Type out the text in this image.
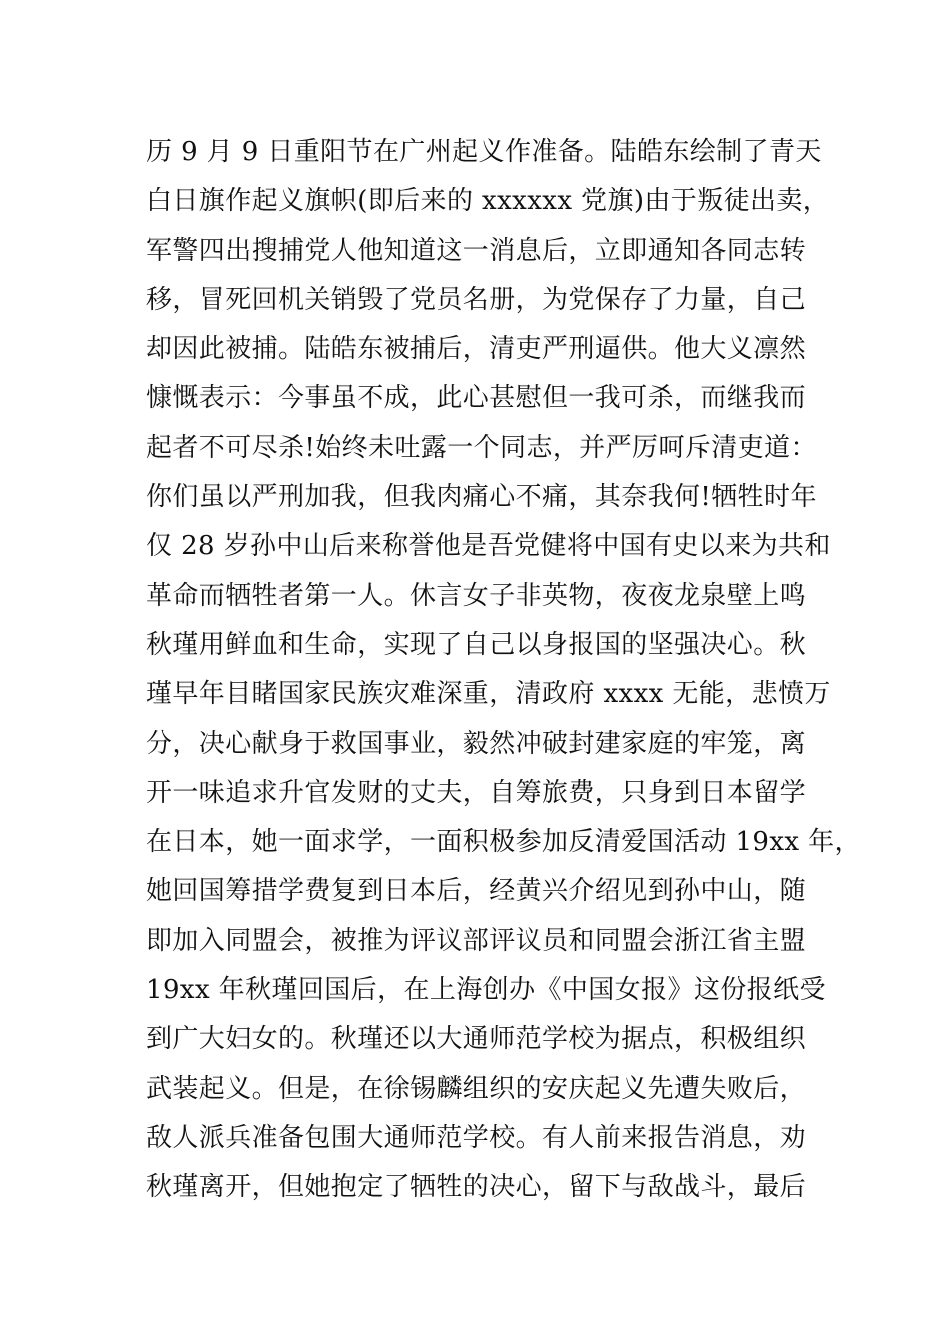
历 9 月 9 日重阳节在广州起义作准备。陆皓东绘制了青天
白日旗作起义旗帜(即后来的 xxxxxx 党旗)由于叛徒出卖，
军警四出搜捕党人他知道这一消息后，立即通知各同志转
移，冒死回机关销毁了党员名册，为党保存了力量，自己
却因此被捕。陆皓东被捕后，清吏严刑逼供。他大义凛然
慷慨表示：今事虽不成，此心甚慰但一我可杀，而继我而
起者不可尽杀!始终未吐露一个同志，并严厉呵斥清吏道：
你们虽以严刑加我，但我肉痛心不痛，其奈我何!牺牲时年
仅 28 岁孙中山后来称誉他是吾党健将中国有史以来为共和
革命而牺牲者第一人。休言女子非英物，夜夜龙泉壁上鸣
秋瑾用鲜血和生命，实现了自己以身报国的坚强决心。秋
瑾早年目睹国家民族灾难深重，清政府 xxxx 无能，悲愤万
分，决心献身于救国事业，毅然冲破封建家庭的牢笼，离
开一味追求升官发财的丈夫，自筹旅费，只身到日本留学
在日本，她一面求学，一面积极参加反清爱国活动 19xx 年，
她回国筹措学费复到日本后，经黄兴介绍见到孙中山，随
即加入同盟会，被推为评议部评议员和同盟会浙江省主盟
19xx 年秋瑾回国后，在上海创办《中国女报》这份报纸受
到广大妇女的。秋瑾还以大通师范学校为据点，积极组织
武装起义。但是，在徐锡麟组织的安庆起义先遭失败后，
敌人派兵准备包围大通师范学校。有人前来报告消息，劝
秋瑾离开，但她抱定了牺牲的决心，留下与敌战斗，最后
